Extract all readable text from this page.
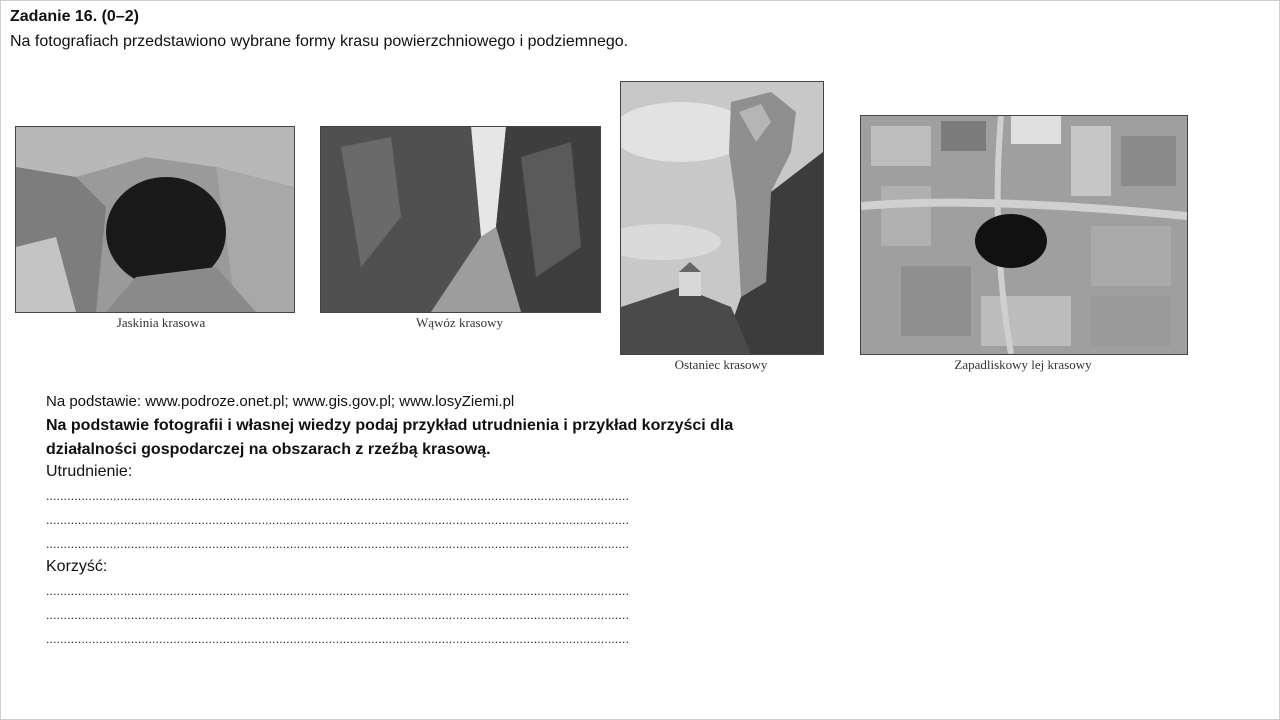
Zadanie 16. (0–2)
Na fotografiach przedstawiono wybrane formy krasu powierzchniowego i podziemnego.
Jaskinia krasowa	Wąwóz krasowy
Ostaniec krasowy	Zapadliskowy lej krasowy
Na podstawie: www.podroze.onet.pl; www.gis.gov.pl; www.losyZiemi.pl
Na podstawie fotografii i własnej wiedzy podaj przykład utrudnienia i przykład korzyści dla działalności gospodarczej na obszarach z rzeźbą krasową.
Utrudnienie:
.....................................................................................................................................................................
.....................................................................................................................................................................
.....................................................................................................................................................................
Korzyść:
.....................................................................................................................................................................
.....................................................................................................................................................................
.....................................................................................................................................................................
